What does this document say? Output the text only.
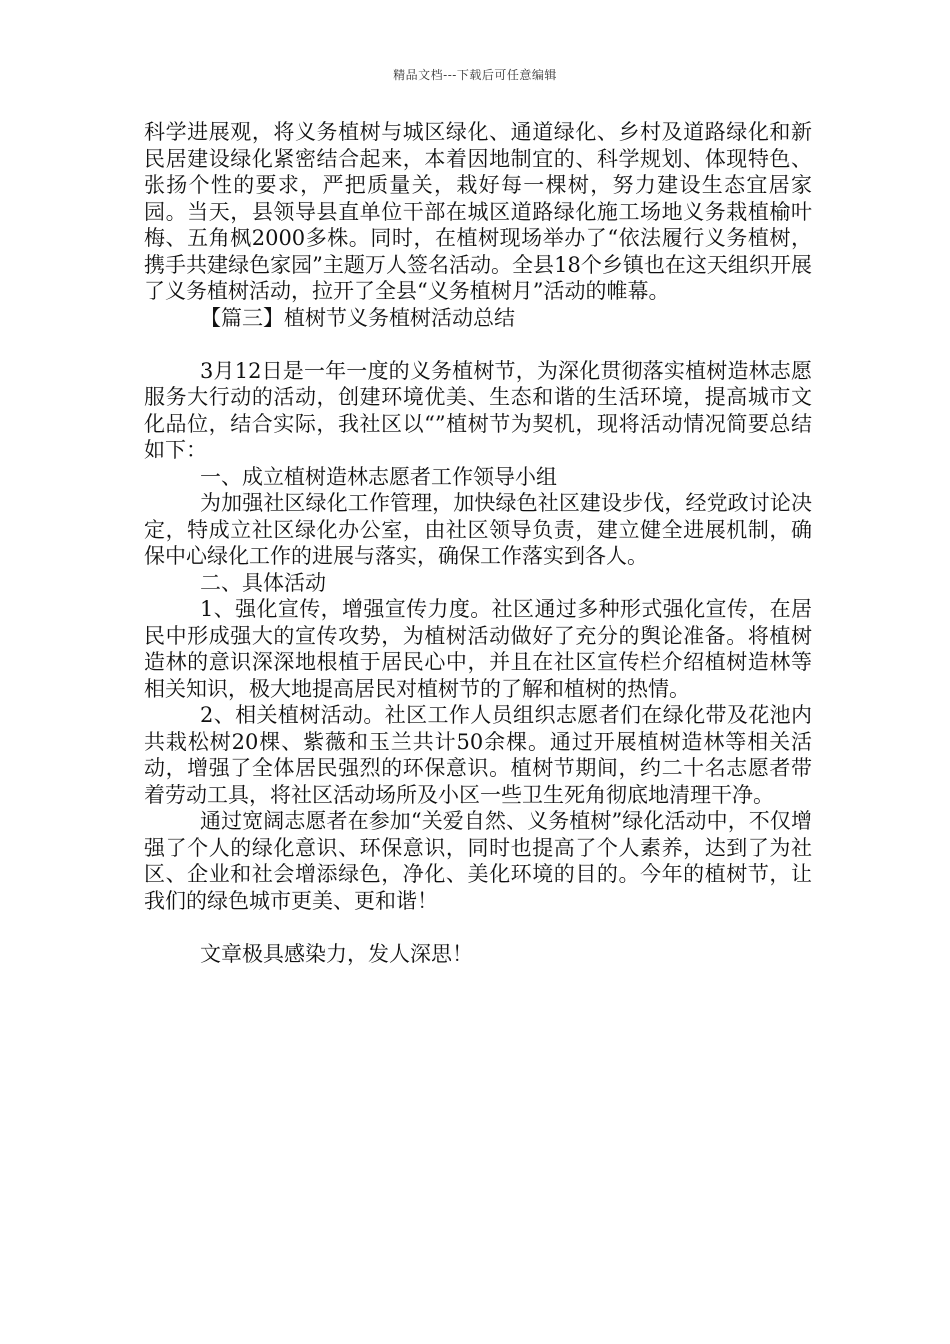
精品文档---下载后可任意编辑

科学进展观，将义务植树与城区绿化、通道绿化、乡村及道路绿化和新民居建设绿化紧密结合起来，本着因地制宜的、科学规划、体现特色、张扬个性的要求，严把质量关，栽好每一棵树，努力建设生态宜居家园。当天，县领导县直单位干部在城区道路绿化施工场地义务栽植榆叶梅、五角枫2000多株。同时，在植树现场举办了“依法履行义务植树，携手共建绿色家园”主题万人签名活动。全县18个乡镇也在这天组织开展了义务植树活动，拉开了全县“义务植树月”活动的帷幕。

【篇三】植树节义务植树活动总结

3月12日是一年一度的义务植树节，为深化贯彻落实植树造林志愿服务大行动的活动，创建环境优美、生态和谐的生活环境，提高城市文化品位，结合实际，我社区以“”植树节为契机，现将活动情况简要总结如下：

一、成立植树造林志愿者工作领导小组

为加强社区绿化工作管理，加快绿色社区建设步伐，经党政讨论决定，特成立社区绿化办公室，由社区领导负责，建立健全进展机制，确保中心绿化工作的进展与落实，确保工作落实到各人。

二、具体活动

1、强化宣传，增强宣传力度。社区通过多种形式强化宣传，在居民中形成强大的宣传攻势，为植树活动做好了充分的舆论准备。将植树造林的意识深深地根植于居民心中，并且在社区宣传栏介绍植树造林等相关知识，极大地提高居民对植树节的了解和植树的热情。

2、相关植树活动。社区工作人员组织志愿者们在绿化带及花池内共栽松树20棵、紫薇和玉兰共计50余棵。通过开展植树造林等相关活动，增强了全体居民强烈的环保意识。植树节期间，约二十名志愿者带着劳动工具，将社区活动场所及小区一些卫生死角彻底地清理干净。

通过宽阔志愿者在参加“关爱自然、义务植树”绿化活动中，不仅增强了个人的绿化意识、环保意识，同时也提高了个人素养，达到了为社区、企业和社会增添绿色，净化、美化环境的目的。今年的植树节，让我们的绿色城市更美、更和谐！

文章极具感染力，发人深思！
